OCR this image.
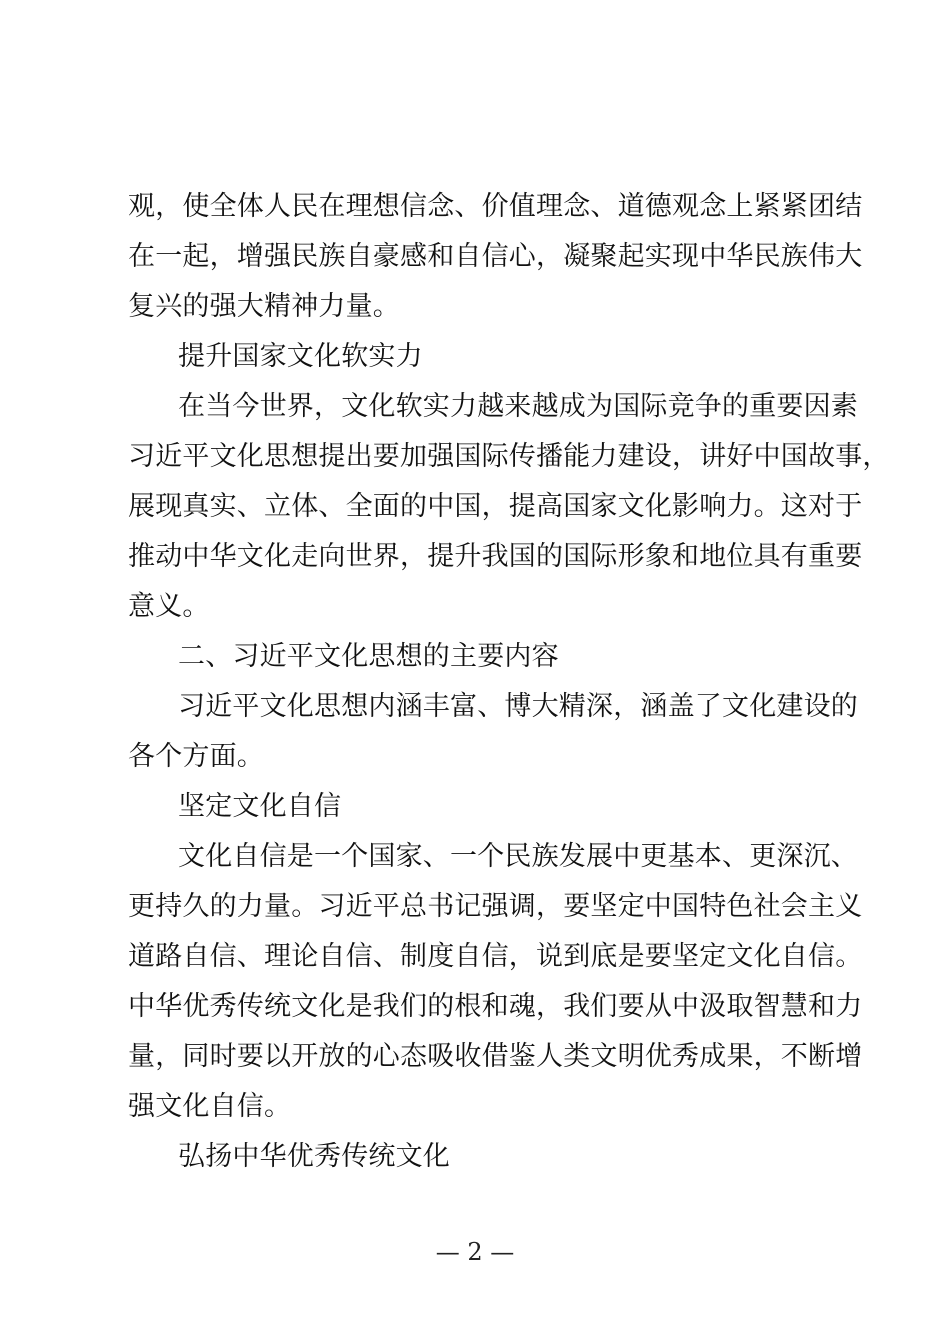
观，使全体人民在理想信念、价值理念、道德观念上紧紧团结
在一起，增强民族自豪感和自信心，凝聚起实现中华民族伟大
复兴的强大精神力量。
提升国家文化软实力
在当今世界，文化软实力越来越成为国际竞争的重要因素
习近平文化思想提出要加强国际传播能力建设，讲好中国故事，
展现真实、立体、全面的中国，提高国家文化影响力。这对于
推动中华文化走向世界，提升我国的国际形象和地位具有重要
意义。
二、习近平文化思想的主要内容
习近平文化思想内涵丰富、博大精深，涵盖了文化建设的
各个方面。
坚定文化自信
文化自信是一个国家、一个民族发展中更基本、更深沉、
更持久的力量。习近平总书记强调，要坚定中国特色社会主义
道路自信、理论自信、制度自信，说到底是要坚定文化自信。
中华优秀传统文化是我们的根和魂，我们要从中汲取智慧和力
量，同时要以开放的心态吸收借鉴人类文明优秀成果，不断增
强文化自信。
弘扬中华优秀传统文化
— 2 —
